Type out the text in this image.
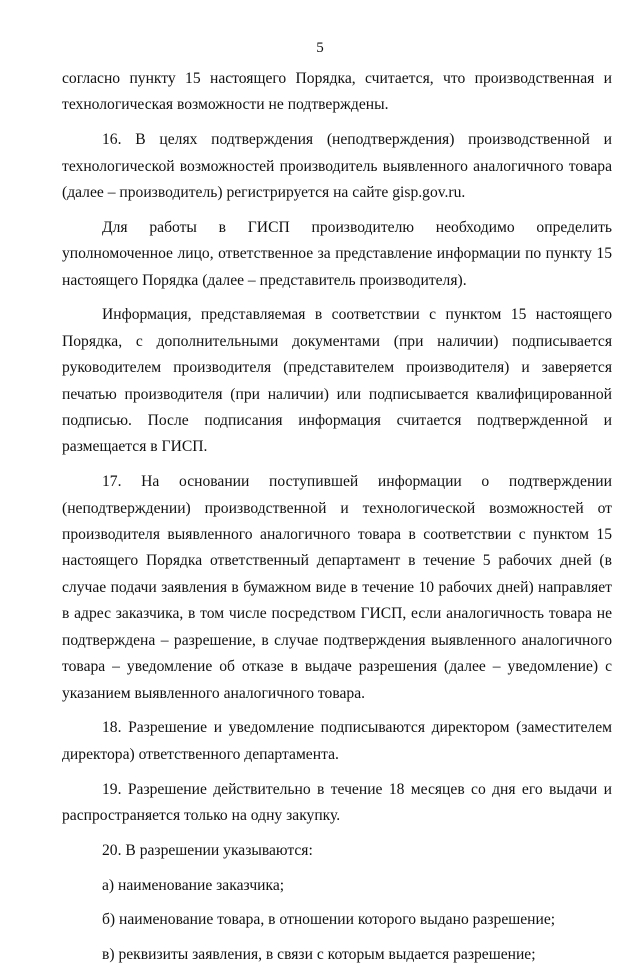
5

согласно пункту 15 настоящего Порядка, считается, что производственная и технологическая возможности не подтверждены.

16. В целях подтверждения (неподтверждения) производственной и технологической возможностей производитель выявленного аналогичного товара (далее – производитель) регистрируется на сайте gisp.gov.ru.

Для работы в ГИСП производителю необходимо определить уполномоченное лицо, ответственное за представление информации по пункту 15 настоящего Порядка (далее – представитель производителя).

Информация, представляемая в соответствии с пунктом 15 настоящего Порядка, с дополнительными документами (при наличии) подписывается руководителем производителя (представителем производителя) и заверяется печатью производителя (при наличии) или подписывается квалифицированной подписью. После подписания информация считается подтвержденной и размещается в ГИСП.

17. На основании поступившей информации о подтверждении (неподтверждении) производственной и технологической возможностей от производителя выявленного аналогичного товара в соответствии с пунктом 15 настоящего Порядка ответственный департамент в течение 5 рабочих дней (в случае подачи заявления в бумажном виде в течение 10 рабочих дней) направляет в адрес заказчика, в том числе посредством ГИСП, если аналогичность товара не подтверждена – разрешение, в случае подтверждения выявленного аналогичного товара – уведомление об отказе в выдаче разрешения (далее – уведомление) с указанием выявленного аналогичного товара.

18. Разрешение и уведомление подписываются директором (заместителем директора) ответственного департамента.

19. Разрешение действительно в течение 18 месяцев со дня его выдачи и распространяется только на одну закупку.

20. В разрешении указываются:

а) наименование заказчика;

б) наименование товара, в отношении которого выдано разрешение;

в) реквизиты заявления, в связи с которым выдается разрешение;
